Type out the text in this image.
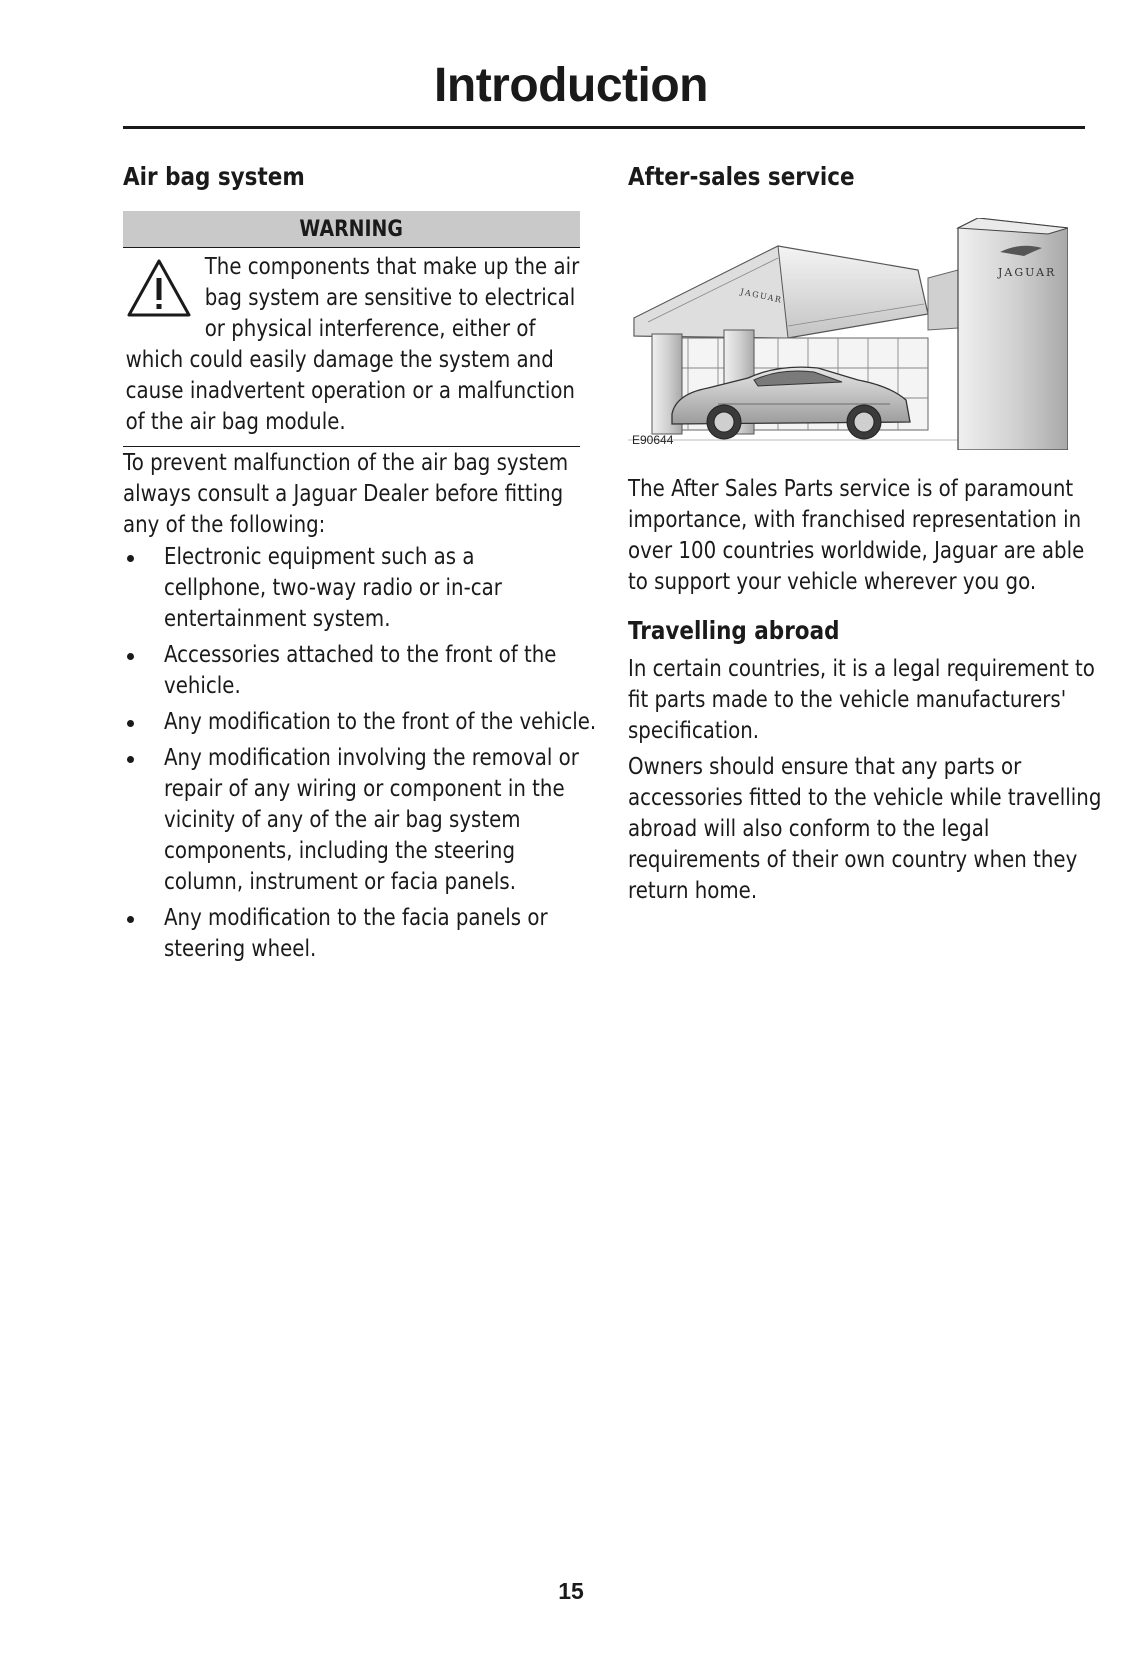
Introduction
Air bag system
WARNING
The components that make up the air
bag system are sensitive to electrical
or physical interference, either of
which could easily damage the system and
cause inadvertent operation or a malfunction
of the air bag module.
To prevent malfunction of the air bag system
always consult a Jaguar Dealer before fitting
any of the following:
Electronic equipment such as a cellphone, two-way radio or in-car entertainment system.
Accessories attached to the front of the vehicle.
Any modification to the front of the vehicle.
Any modification involving the removal or repair of any wiring or component in the vicinity of any of the air bag system components, including the steering column, instrument or facia panels.
Any modification to the facia panels or steering wheel.
After-sales service
JAGUAR
JAGUAR
E90644
The After Sales Parts service is of paramount
importance, with franchised representation in
over 100 countries worldwide, Jaguar are able
to support your vehicle wherever you go.
Travelling abroad
In certain countries, it is a legal requirement to
fit parts made to the vehicle manufacturers'
specification.
Owners should ensure that any parts or
accessories fitted to the vehicle while travelling
abroad will also conform to the legal
requirements of their own country when they
return home.
15
